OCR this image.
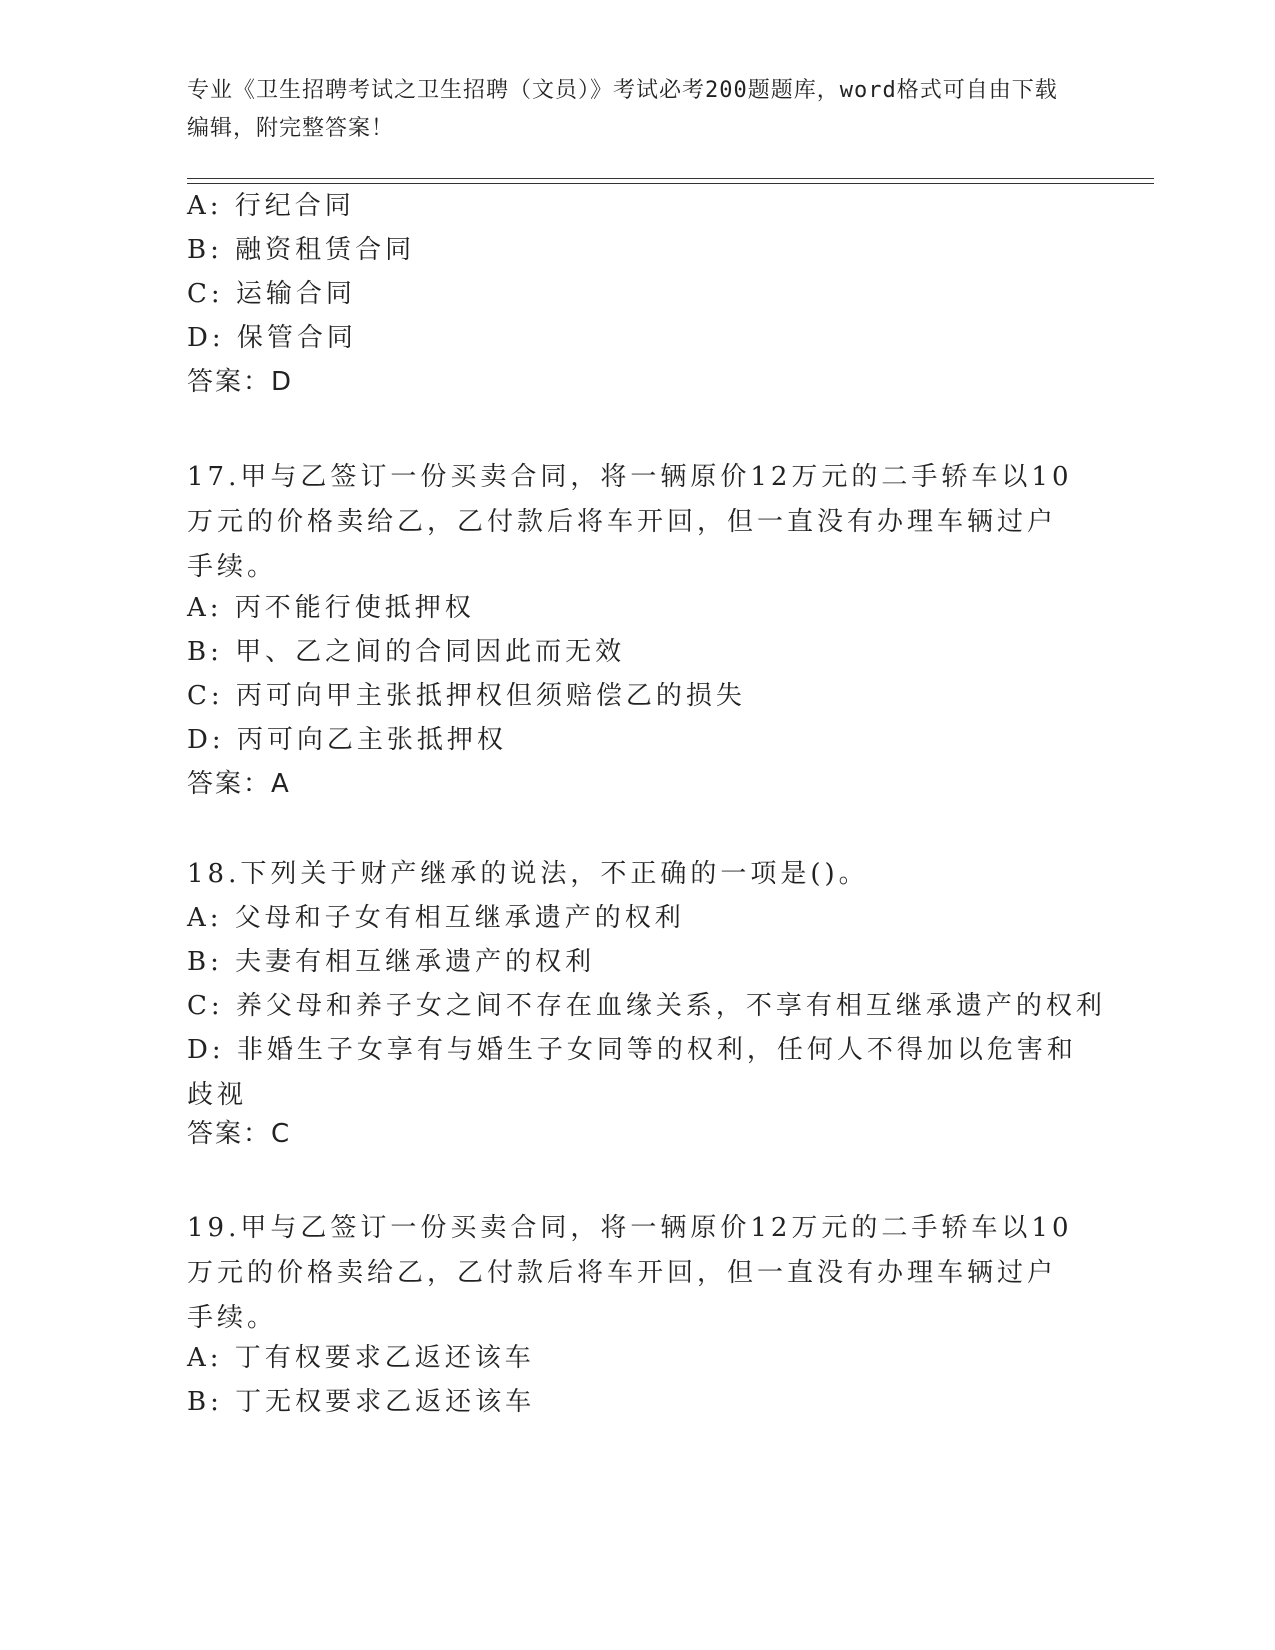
专业《卫生招聘考试之卫生招聘（文员）》考试必考200题题库，word格式可自由下载编辑，附完整答案！
A: 行纪合同
B: 融资租赁合同
C: 运输合同
D: 保管合同
答案：D
17.甲与乙签订一份买卖合同，将一辆原价12万元的二手轿车以10万元的价格卖给乙，乙付款后将车开回，但一直没有办理车辆过户手续。
A: 丙不能行使抵押权
B: 甲、乙之间的合同因此而无效
C: 丙可向甲主张抵押权但须赔偿乙的损失
D: 丙可向乙主张抵押权
答案：A
18.下列关于财产继承的说法，不正确的一项是()。
A: 父母和子女有相互继承遗产的权利
B: 夫妻有相互继承遗产的权利
C: 养父母和养子女之间不存在血缘关系，不享有相互继承遗产的权利
D: 非婚生子女享有与婚生子女同等的权利，任何人不得加以危害和歧视
答案：C
19.甲与乙签订一份买卖合同，将一辆原价12万元的二手轿车以10万元的价格卖给乙，乙付款后将车开回，但一直没有办理车辆过户手续。
A: 丁有权要求乙返还该车
B: 丁无权要求乙返还该车
